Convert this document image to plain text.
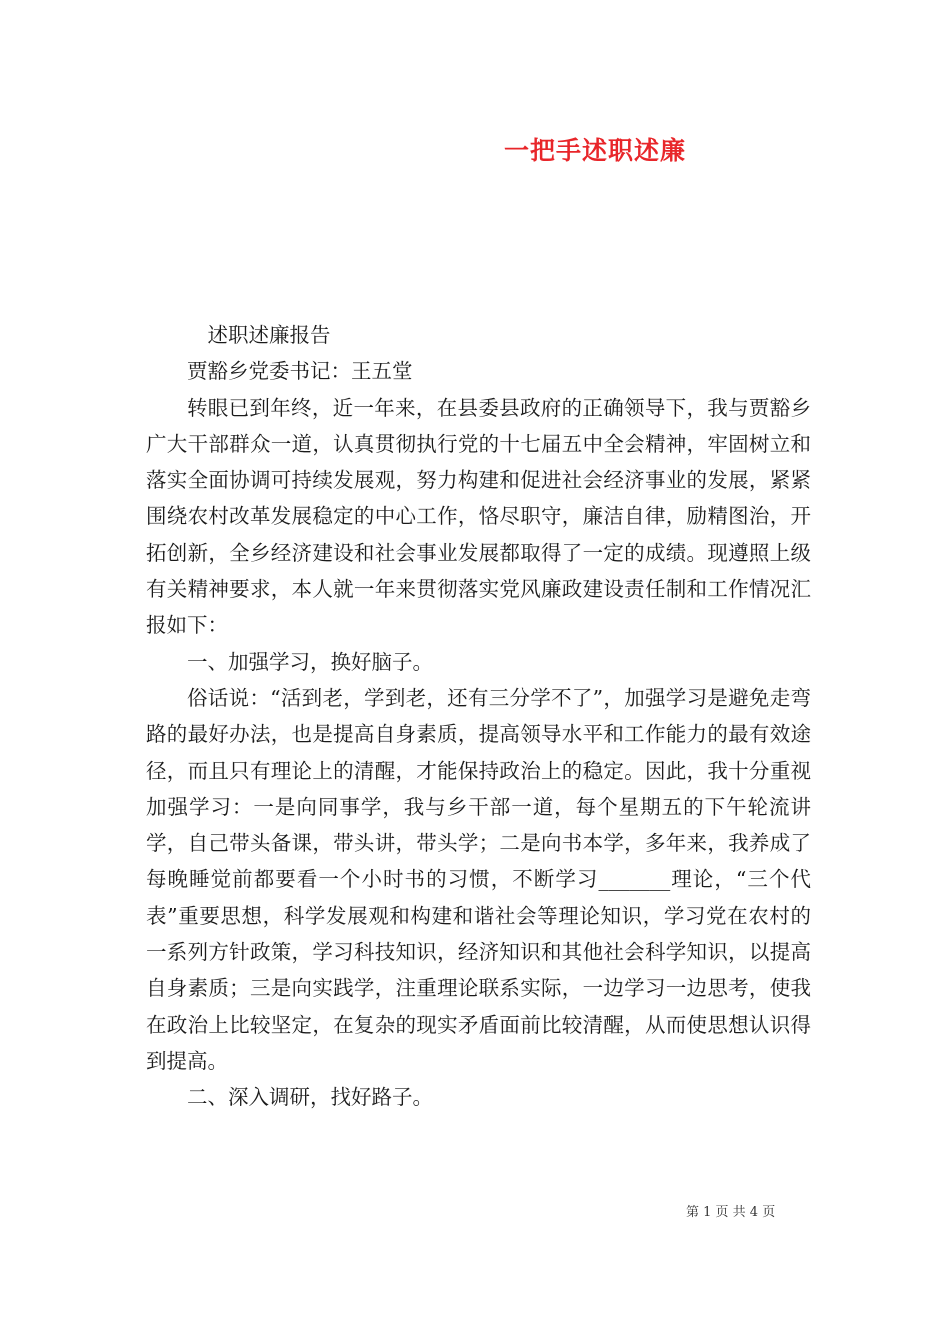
一把手述职述廉

述职述廉报告

贾豁乡党委书记：王五堂

转眼已到年终，近一年来，在县委县政府的正确领导下，我与贾豁乡广大干部群众一道，认真贯彻执行党的十七届五中全会精神，牢固树立和落实全面协调可持续发展观，努力构建和促进社会经济事业的发展，紧紧围绕农村改革发展稳定的中心工作，恪尽职守，廉洁自律，励精图治，开拓创新，全乡经济建设和社会事业发展都取得了一定的成绩。现遵照上级有关精神要求，本人就一年来贯彻落实党风廉政建设责任制和工作情况汇报如下：

一、加强学习，换好脑子。

俗话说：“活到老，学到老，还有三分学不了”，加强学习是避免走弯路的最好办法，也是提高自身素质，提高领导水平和工作能力的最有效途径，而且只有理论上的清醒，才能保持政治上的稳定。因此，我十分重视加强学习：一是向同事学，我与乡干部一道，每个星期五的下午轮流讲学，自己带头备课，带头讲，带头学；二是向书本学，多年来，我养成了每晚睡觉前都要看一个小时书的习惯，不断学习_______理论，“三个代表”重要思想，科学发展观和构建和谐社会等理论知识，学习党在农村的一系列方针政策，学习科技知识，经济知识和其他社会科学知识，以提高自身素质；三是向实践学，注重理论联系实际，一边学习一边思考，使我在政治上比较坚定，在复杂的现实矛盾面前比较清醒，从而使思想认识得到提高。

二、深入调研，找好路子。

第 1 页 共 4 页
